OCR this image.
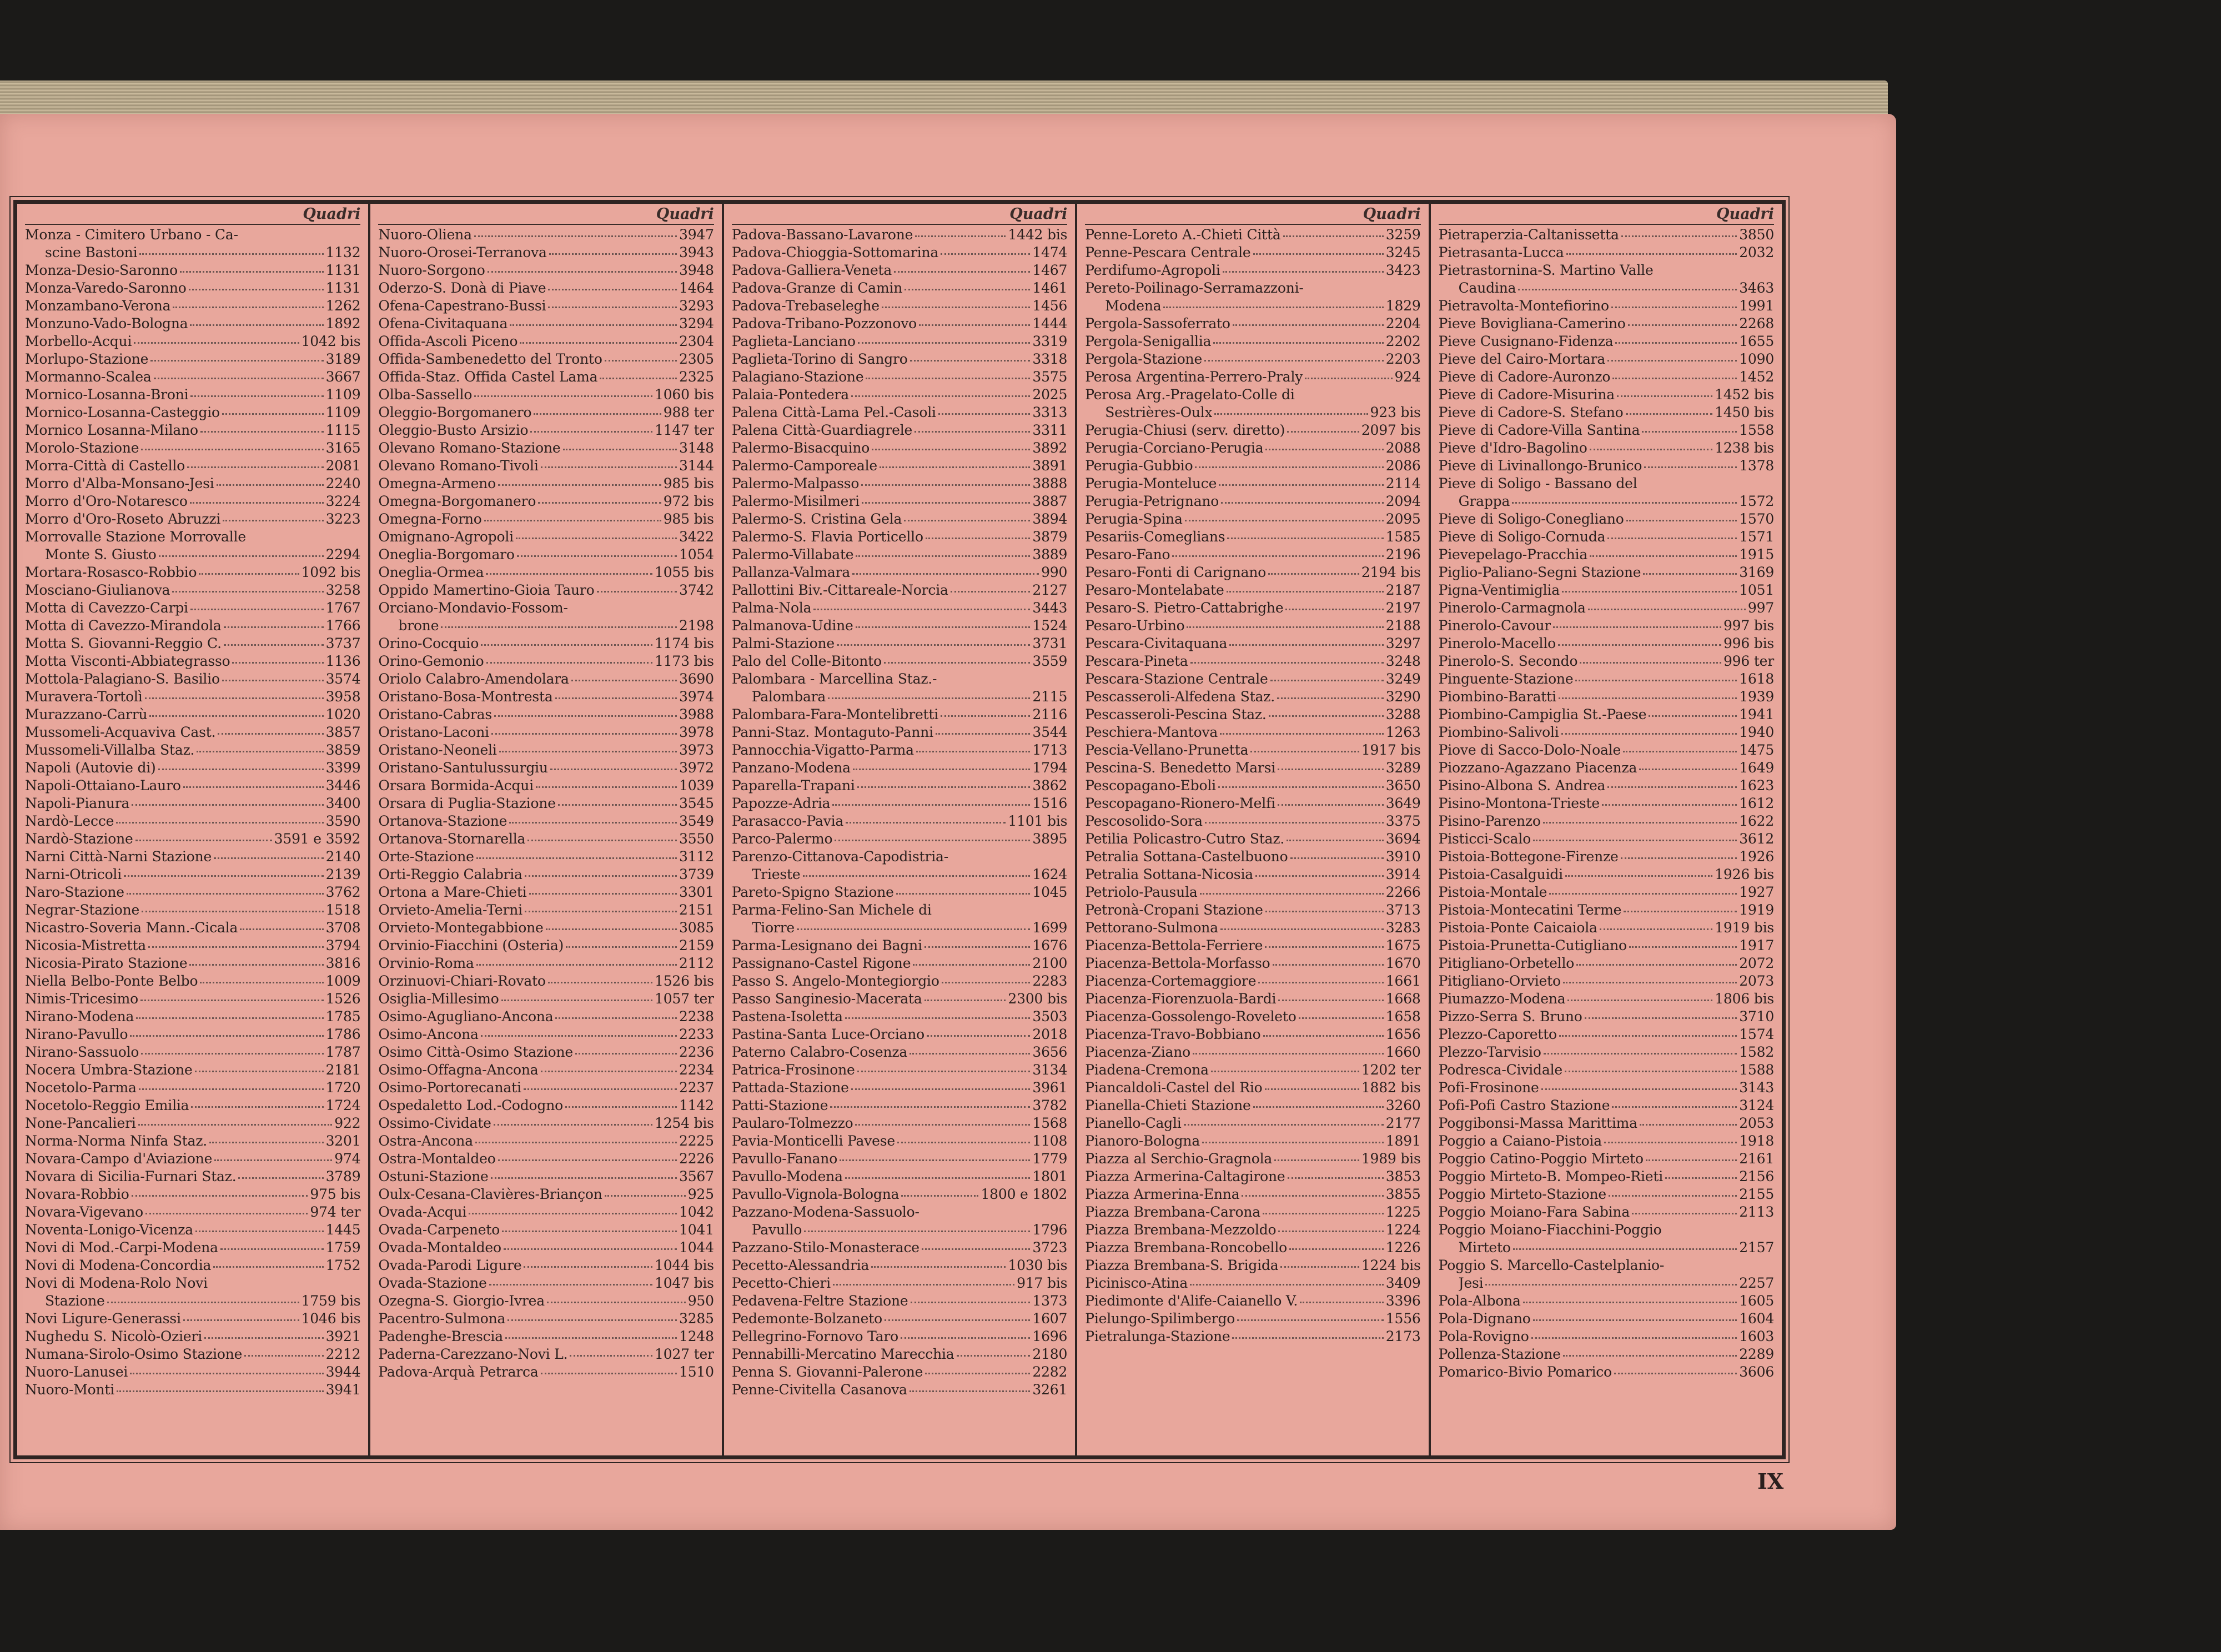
Quadri
Monza - Cimitero Urbano - Ca-
scine Bastoni	1132
Monza-Desio-Saronno	1131
Monza-Varedo-Saronno	1131
Monzambano-Verona	1262
Monzuno-Vado-Bologna	1892
Morbello-Acqui	1042 bis
Morlupo-Stazione	3189
Mormanno-Scalea	3667
Mornico-Losanna-Broni	1109
Mornico-Losanna-Casteggio	1109
Mornico Losanna-Milano	1115
Morolo-Stazione	3165
Morra-Città di Castello	2081
Morro d'Alba-Monsano-Jesi	2240
Morro d'Oro-Notaresco	3224
Morro d'Oro-Roseto Abruzzi	3223
Morrovalle Stazione Morrovalle
Monte S. Giusto	2294
Mortara-Rosasco-Robbio	1092 bis
Mosciano-Giulianova	3258
Motta di Cavezzo-Carpi	1767
Motta di Cavezzo-Mirandola	1766
Motta S. Giovanni-Reggio C.	3737
Motta Visconti-Abbiategrasso	1136
Mottola-Palagiano-S. Basilio	3574
Muravera-Tortolì	3958
Murazzano-Carrù	1020
Mussomeli-Acquaviva Cast.	3857
Mussomeli-Villalba Staz.	3859
Napoli (Autovie di)	3399
Napoli-Ottaiano-Lauro	3446
Napoli-Pianura	3400
Nardò-Lecce	3590
Nardò-Stazione	3591 e 3592
Narni Città-Narni Stazione	2140
Narni-Otricoli	2139
Naro-Stazione	3762
Negrar-Stazione	1518
Nicastro-Soveria Mann.-Cicala	3708
Nicosia-Mistretta	3794
Nicosia-Pirato Stazione	3816
Niella Belbo-Ponte Belbo	1009
Nimis-Tricesimo	1526
Nirano-Modena	1785
Nirano-Pavullo	1786
Nirano-Sassuolo	1787
Nocera Umbra-Stazione	2181
Nocetolo-Parma	1720
Nocetolo-Reggio Emilia	1724
None-Pancalieri	922
Norma-Norma Ninfa Staz.	3201
Novara-Campo d'Aviazione	974
Novara di Sicilia-Furnari Staz.	3789
Novara-Robbio	975 bis
Novara-Vigevano	974 ter
Noventa-Lonigo-Vicenza	1445
Novi di Mod.-Carpi-Modena	1759
Novi di Modena-Concordia	1752
Novi di Modena-Rolo Novi
Stazione	1759 bis
Novi Ligure-Generassi	1046 bis
Nughedu S. Nicolò-Ozieri	3921
Numana-Sirolo-Osimo Stazione	2212
Nuoro-Lanusei	3944
Nuoro-Monti	3941
Quadri
Nuoro-Oliena	3947
Nuoro-Orosei-Terranova	3943
Nuoro-Sorgono	3948
Oderzo-S. Donà di Piave	1464
Ofena-Capestrano-Bussi	3293
Ofena-Civitaquana	3294
Offida-Ascoli Piceno	2304
Offida-Sambenedetto del Tronto	2305
Offida-Staz. Offida Castel Lama	2325
Olba-Sassello	1060 bis
Oleggio-Borgomanero	988 ter
Oleggio-Busto Arsizio	1147 ter
Olevano Romano-Stazione	3148
Olevano Romano-Tivoli	3144
Omegna-Armeno	985 bis
Omegna-Borgomanero	972 bis
Omegna-Forno	985 bis
Omignano-Agropoli	3422
Oneglia-Borgomaro	1054
Oneglia-Ormea	1055 bis
Oppido Mamertino-Gioia Tauro	3742
Orciano-Mondavio-Fossom-
brone	2198
Orino-Cocquio	1174 bis
Orino-Gemonio	1173 bis
Oriolo Calabro-Amendolara	3690
Oristano-Bosa-Montresta	3974
Oristano-Cabras	3988
Oristano-Laconi	3978
Oristano-Neoneli	3973
Oristano-Santulussurgiu	3972
Orsara Bormida-Acqui	1039
Orsara di Puglia-Stazione	3545
Ortanova-Stazione	3549
Ortanova-Stornarella	3550
Orte-Stazione	3112
Orti-Reggio Calabria	3739
Ortona a Mare-Chieti	3301
Orvieto-Amelia-Terni	2151
Orvieto-Montegabbione	3085
Orvinio-Fiacchini (Osteria)	2159
Orvinio-Roma	2112
Orzinuovi-Chiari-Rovato	1526 bis
Osiglia-Millesimo	1057 ter
Osimo-Agugliano-Ancona	2238
Osimo-Ancona	2233
Osimo Città-Osimo Stazione	2236
Osimo-Offagna-Ancona	2234
Osimo-Portorecanati	2237
Ospedaletto Lod.-Codogno	1142
Ossimo-Cividate	1254 bis
Ostra-Ancona	2225
Ostra-Montaldeo	2226
Ostuni-Stazione	3567
Oulx-Cesana-Clavières-Briançon	925
Ovada-Acqui	1042
Ovada-Carpeneto	1041
Ovada-Montaldeo	1044
Ovada-Parodi Ligure	1044 bis
Ovada-Stazione	1047 bis
Ozegna-S. Giorgio-Ivrea	950
Pacentro-Sulmona	3285
Padenghe-Brescia	1248
Paderna-Carezzano-Novi L.	1027 ter
Padova-Arquà Petrarca	1510
Quadri
Padova-Bassano-Lavarone	1442 bis
Padova-Chioggia-Sottomarina	1474
Padova-Galliera-Veneta	1467
Padova-Granze di Camin	1461
Padova-Trebaseleghe	1456
Padova-Tribano-Pozzonovo	1444
Paglieta-Lanciano	3319
Paglieta-Torino di Sangro	3318
Palagiano-Stazione	3575
Palaia-Pontedera	2025
Palena Città-Lama Pel.-Casoli	3313
Palena Città-Guardiagrele	3311
Palermo-Bisacquino	3892
Palermo-Camporeale	3891
Palermo-Malpasso	3888
Palermo-Misilmeri	3887
Palermo-S. Cristina Gela	3894
Palermo-S. Flavia Porticello	3879
Palermo-Villabate	3889
Pallanza-Valmara	990
Pallottini Biv.-Cittareale-Norcia	2127
Palma-Nola	3443
Palmanova-Udine	1524
Palmi-Stazione	3731
Palo del Colle-Bitonto	3559
Palombara - Marcellina Staz.-
Palombara	2115
Palombara-Fara-Montelibretti	2116
Panni-Staz. Montaguto-Panni	3544
Pannocchia-Vigatto-Parma	1713
Panzano-Modena	1794
Paparella-Trapani	3862
Papozze-Adria	1516
Parasacco-Pavia	1101 bis
Parco-Palermo	3895
Parenzo-Cittanova-Capodistria-
Trieste	1624
Pareto-Spigno Stazione	1045
Parma-Felino-San Michele di
Tiorre	1699
Parma-Lesignano dei Bagni	1676
Passignano-Castel Rigone	2100
Passo S. Angelo-Montegiorgio	2283
Passo Sanginesio-Macerata	2300 bis
Pastena-Isoletta	3503
Pastina-Santa Luce-Orciano	2018
Paterno Calabro-Cosenza	3656
Patrica-Frosinone	3134
Pattada-Stazione	3961
Patti-Stazione	3782
Paularo-Tolmezzo	1568
Pavia-Monticelli Pavese	1108
Pavullo-Fanano	1779
Pavullo-Modena	1801
Pavullo-Vignola-Bologna	1800 e 1802
Pazzano-Modena-Sassuolo-
Pavullo	1796
Pazzano-Stilo-Monasterace	3723
Pecetto-Alessandria	1030 bis
Pecetto-Chieri	917 bis
Pedavena-Feltre Stazione	1373
Pedemonte-Bolzaneto	1607
Pellegrino-Fornovo Taro	1696
Pennabilli-Mercatino Marecchia	2180
Penna S. Giovanni-Palerone	2282
Penne-Civitella Casanova	3261
Quadri
Penne-Loreto A.-Chieti Città	3259
Penne-Pescara Centrale	3245
Perdifumo-Agropoli	3423
Pereto-Poilinago-Serramazzoni-
Modena	1829
Pergola-Sassoferrato	2204
Pergola-Senigallia	2202
Pergola-Stazione	2203
Perosa Argentina-Perrero-Praly	924
Perosa Arg.-Pragelato-Colle di
Sestrières-Oulx	923 bis
Perugia-Chiusi (serv. diretto)	2097 bis
Perugia-Corciano-Perugia	2088
Perugia-Gubbio	2086
Perugia-Monteluce	2114
Perugia-Petrignano	2094
Perugia-Spina	2095
Pesariis-Comeglians	1585
Pesaro-Fano	2196
Pesaro-Fonti di Carignano	2194 bis
Pesaro-Montelabate	2187
Pesaro-S. Pietro-Cattabrighe	2197
Pesaro-Urbino	2188
Pescara-Civitaquana	3297
Pescara-Pineta	3248
Pescara-Stazione Centrale	3249
Pescasseroli-Alfedena Staz.	3290
Pescasseroli-Pescina Staz.	3288
Peschiera-Mantova	1263
Pescia-Vellano-Prunetta	1917 bis
Pescina-S. Benedetto Marsi	3289
Pescopagano-Eboli	3650
Pescopagano-Rionero-Melfi	3649
Pescosolido-Sora	3375
Petilia Policastro-Cutro Staz.	3694
Petralia Sottana-Castelbuono	3910
Petralia Sottana-Nicosia	3914
Petriolo-Pausula	2266
Petronà-Cropani Stazione	3713
Pettorano-Sulmona	3283
Piacenza-Bettola-Ferriere	1675
Piacenza-Bettola-Morfasso	1670
Piacenza-Cortemaggiore	1661
Piacenza-Fiorenzuola-Bardi	1668
Piacenza-Gossolengo-Roveleto	1658
Piacenza-Travo-Bobbiano	1656
Piacenza-Ziano	1660
Piadena-Cremona	1202 ter
Piancaldoli-Castel del Rio	1882 bis
Pianella-Chieti Stazione	3260
Pianello-Cagli	2177
Pianoro-Bologna	1891
Piazza al Serchio-Gragnola	1989 bis
Piazza Armerina-Caltagirone	3853
Piazza Armerina-Enna	3855
Piazza Brembana-Carona	1225
Piazza Brembana-Mezzoldo	1224
Piazza Brembana-Roncobello	1226
Piazza Brembana-S. Brigida	1224 bis
Picinisco-Atina	3409
Piedimonte d'Alife-Caianello V.	3396
Pielungo-Spilimbergo	1556
Pietralunga-Stazione	2173
Quadri
Pietraperzia-Caltanissetta	3850
Pietrasanta-Lucca	2032
Pietrastornina-S. Martino Valle
Caudina	3463
Pietravolta-Montefiorino	1991
Pieve Bovigliana-Camerino	2268
Pieve Cusignano-Fidenza	1655
Pieve del Cairo-Mortara	1090
Pieve di Cadore-Auronzo	1452
Pieve di Cadore-Misurina	1452 bis
Pieve di Cadore-S. Stefano	1450 bis
Pieve di Cadore-Villa Santina	1558
Pieve d'Idro-Bagolino	1238 bis
Pieve di Livinallongo-Brunico	1378
Pieve di Soligo - Bassano del
Grappa	1572
Pieve di Soligo-Conegliano	1570
Pieve di Soligo-Cornuda	1571
Pievepelago-Pracchia	1915
Piglio-Paliano-Segni Stazione	3169
Pigna-Ventimiglia	1051
Pinerolo-Carmagnola	997
Pinerolo-Cavour	997 bis
Pinerolo-Macello	996 bis
Pinerolo-S. Secondo	996 ter
Pinguente-Stazione	1618
Piombino-Baratti	1939
Piombino-Campiglia St.-Paese	1941
Piombino-Salivoli	1940
Piove di Sacco-Dolo-Noale	1475
Piozzano-Agazzano Piacenza	1649
Pisino-Albona S. Andrea	1623
Pisino-Montona-Trieste	1612
Pisino-Parenzo	1622
Pisticci-Scalo	3612
Pistoia-Bottegone-Firenze	1926
Pistoia-Casalguidi	1926 bis
Pistoia-Montale	1927
Pistoia-Montecatini Terme	1919
Pistoia-Ponte Caicaiola	1919 bis
Pistoia-Prunetta-Cutigliano	1917
Pitigliano-Orbetello	2072
Pitigliano-Orvieto	2073
Piumazzo-Modena	1806 bis
Pizzo-Serra S. Bruno	3710
Plezzo-Caporetto	1574
Plezzo-Tarvisio	1582
Podresca-Cividale	1588
Pofi-Frosinone	3143
Pofi-Pofi Castro Stazione	3124
Poggibonsi-Massa Marittima	2053
Poggio a Caiano-Pistoia	1918
Poggio Catino-Poggio Mirteto	2161
Poggio Mirteto-B. Mompeo-Rieti	2156
Poggio Mirteto-Stazione	2155
Poggio Moiano-Fara Sabina	2113
Poggio Moiano-Fiacchini-Poggio
Mirteto	2157
Poggio S. Marcello-Castelplanio-
Jesi	2257
Pola-Albona	1605
Pola-Dignano	1604
Pola-Rovigno	1603
Pollenza-Stazione	2289
Pomarico-Bivio Pomarico	3606
IX
